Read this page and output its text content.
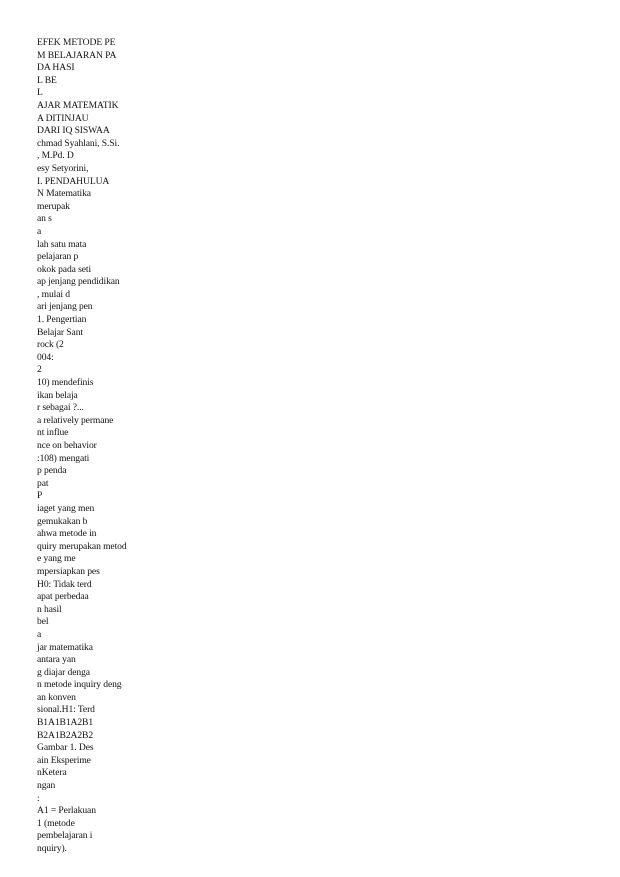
EFEK METODE PE
M BELAJARAN PA
DA HASI
L BE
L
AJAR MATEMATIK
A DITINJAU
DARI IQ SISWAA
chmad Syahlani, S.Si.
, M.Pd. D
esy Setyorini,
I. PENDAHULUA
N Matematika
merupak
an s
a
lah satu mata
pelajaran p
okok pada seti
ap jenjang pendidikan
, mulai d
ari jenjang pen
1. Pengertian
Belajar Sant
rock (2
004:
2
10) mendefinis
ikan belaja
r sebagai ?...
a relatively permane
nt influe
nce on behavior
:108) mengati
p penda
pat
P
iaget yang men
gemukakan b
ahwa metode in
quiry merupakan metod
e yang me
mpersiapkan pes
H0: Tidak terd
apat perbedaa
n hasil
bel
a
jar matematika
antara yan
g diajar denga
n metode inquiry deng
an konven
sional.H1: Terd
B1A1B1A2B1
B2A1B2A2B2
Gambar 1. Des
ain Eksperime
nKetera
ngan
:
A1 = Perlakuan
1 (metode
pembelajaran i
nquiry).
